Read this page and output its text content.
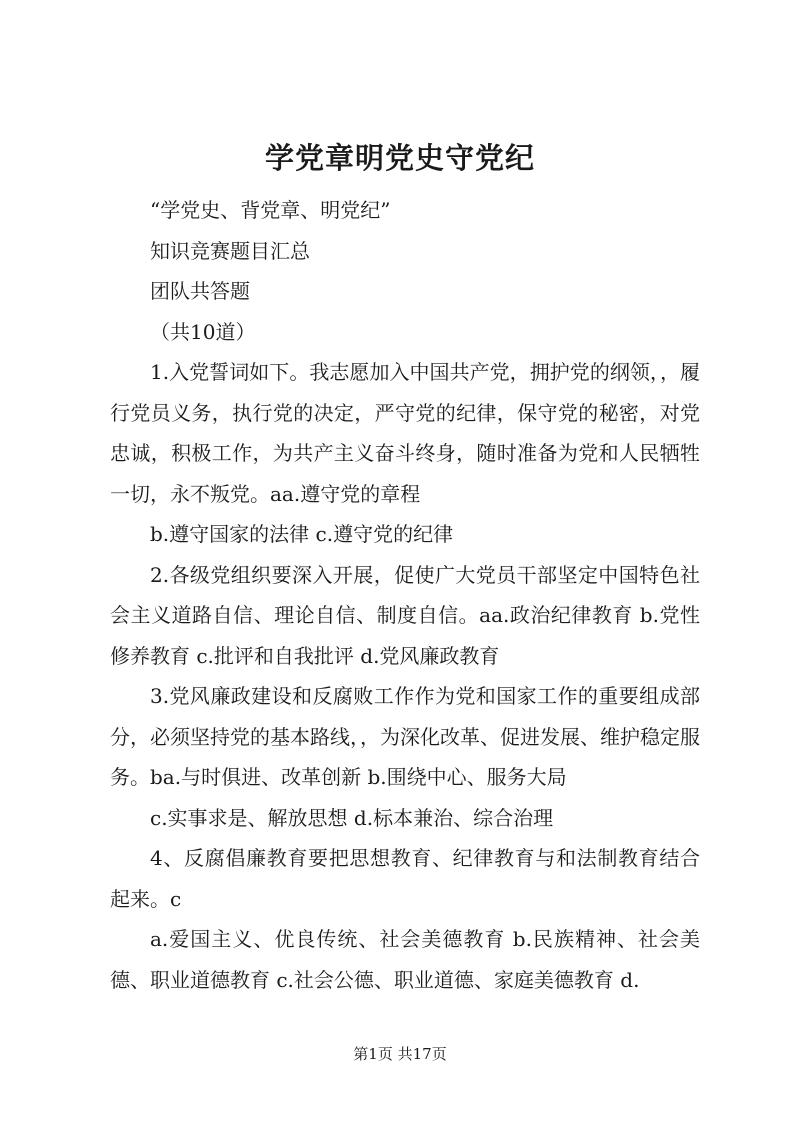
学党章明党史守党纪

“学党史、背党章、明党纪”

知识竞赛题目汇总

团队共答题

（共10道）

1.入党誓词如下。我志愿加入中国共产党，拥护党的纲领，，履行党员义务，执行党的决定，严守党的纪律，保守党的秘密，对党忠诚，积极工作，为共产主义奋斗终身，随时准备为党和人民牺牲一切，永不叛党。aa.遵守党的章程

b.遵守国家的法律 c.遵守党的纪律

2.各级党组织要深入开展，促使广大党员干部坚定中国特色社会主义道路自信、理论自信、制度自信。aa.政治纪律教育 b.党性修养教育 c.批评和自我批评 d.党风廉政教育

3.党风廉政建设和反腐败工作作为党和国家工作的重要组成部分，必须坚持党的基本路线，，为深化改革、促进发展、维护稳定服务。ba.与时俱进、改革创新 b.围绕中心、服务大局

c.实事求是、解放思想 d.标本兼治、综合治理

4、反腐倡廉教育要把思想教育、纪律教育与和法制教育结合起来。c

a.爱国主义、优良传统、社会美德教育 b.民族精神、社会美德、职业道德教育 c.社会公德、职业道德、家庭美德教育 d.

第1页 共17页
